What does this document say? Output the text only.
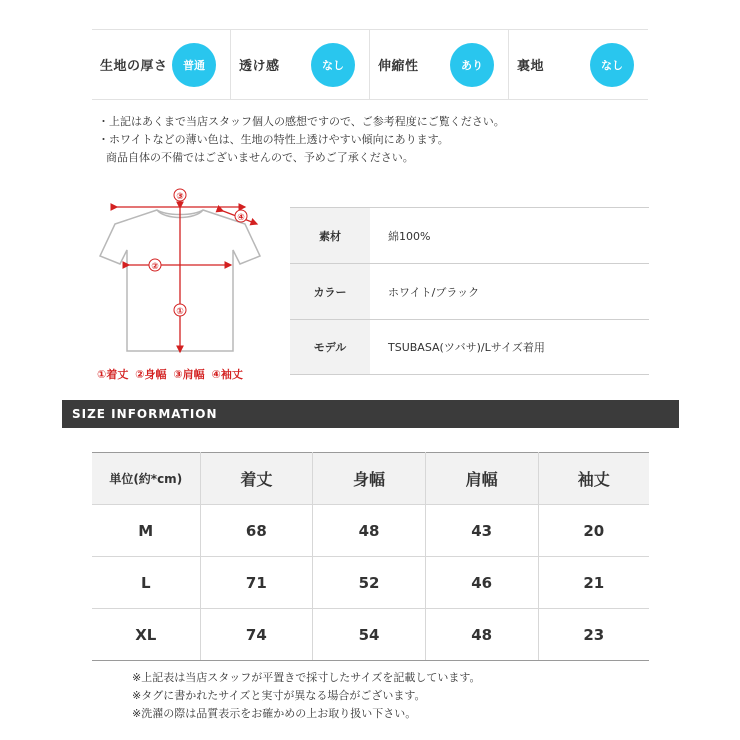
生地の厚さ	普通	透け感	なし	伸縮性	あり	裏地	なし
・上記はあくまで当店スタッフ個人の感想ですので、ご参考程度にご覧ください。
・ホワイトなどの薄い色は、生地の特性上透けやすい傾向にあります。
商品自体の不備ではございませんので、予めご了承ください。
③
②
①
④
①着丈 ②身幅 ③肩幅 ④袖丈
素材	綿100%
カラー	ホワイト/ブラック
モデル	TSUBASA(ツバサ)/Lサイズ着用
SIZE INFORMATION
単位(約*cm)	着丈	身幅	肩幅	袖丈
M	68	48	43	20
L	71	52	46	21
XL	74	54	48	23
※上記表は当店スタッフが平置きで採寸したサイズを記載しています。
※タグに書かれたサイズと実寸が異なる場合がございます。
※洗濯の際は品質表示をお確かめの上お取り扱い下さい。
